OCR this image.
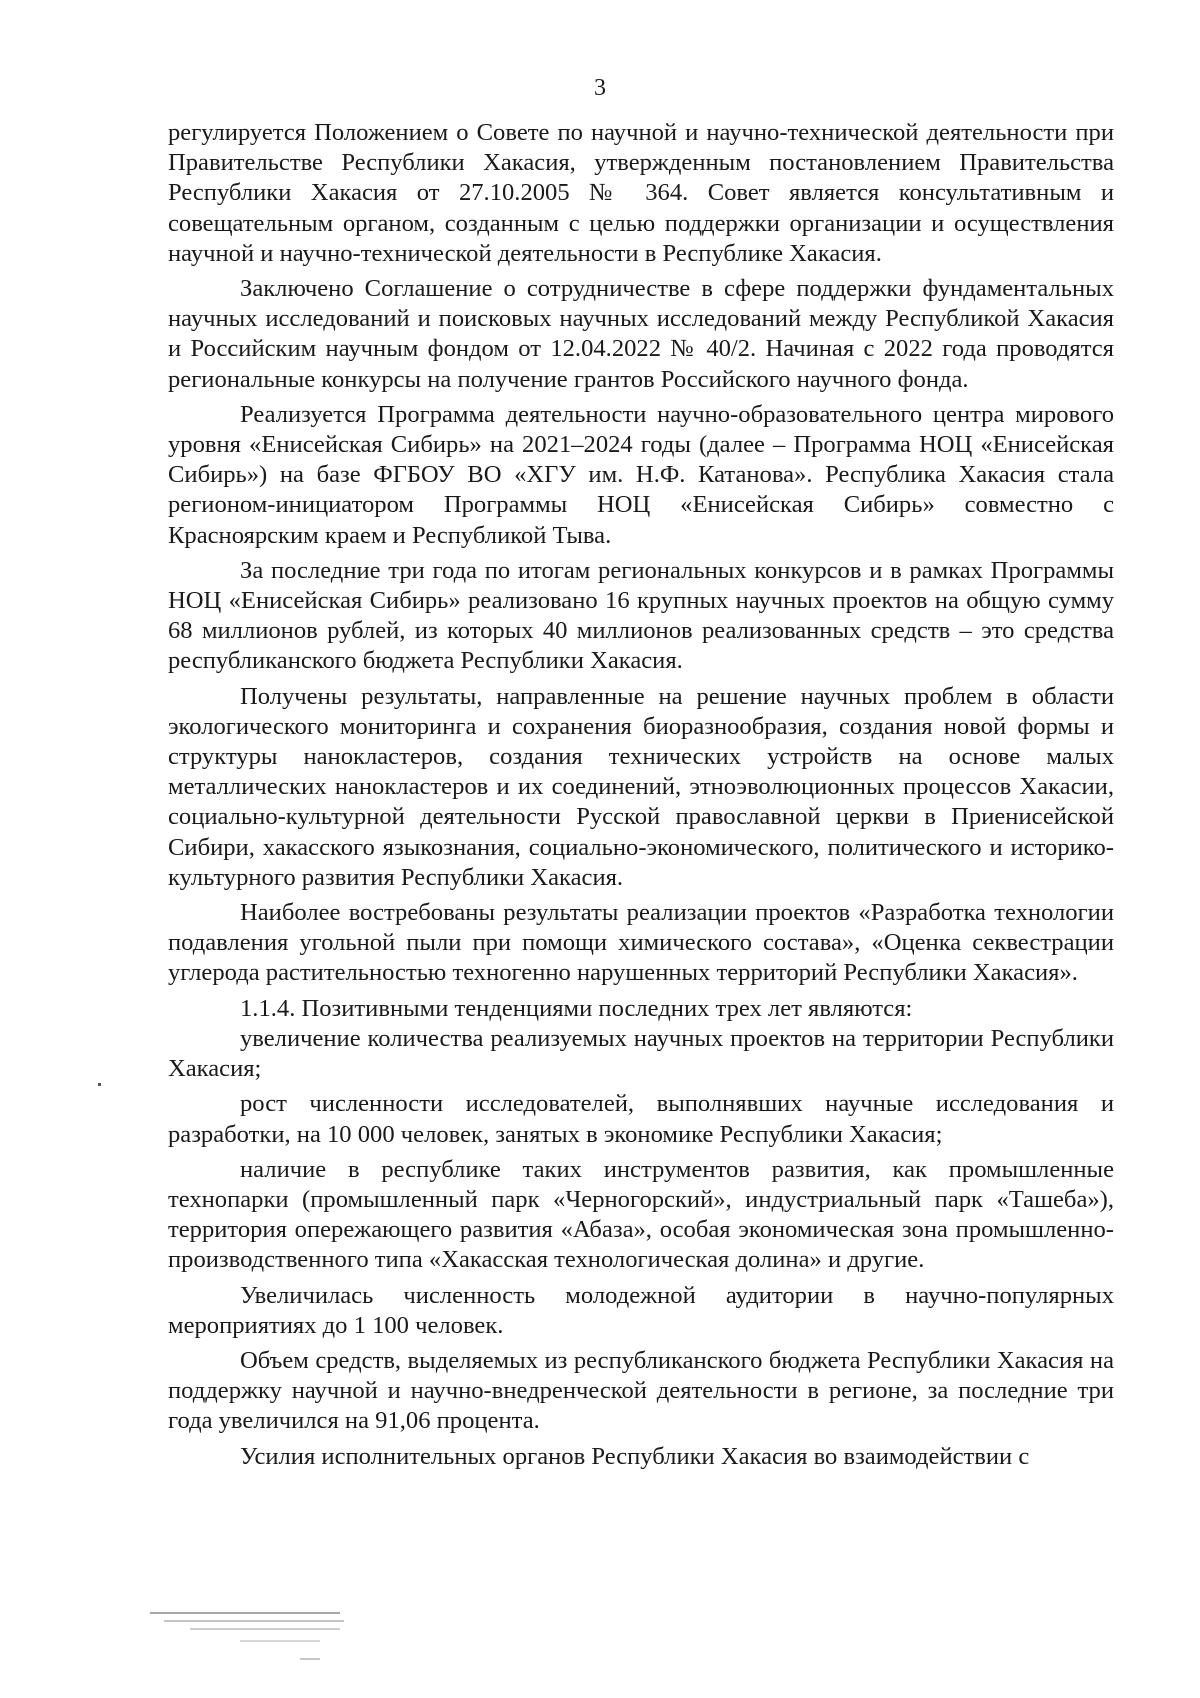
3

регулируется Положением о Совете по научной и научно-технической деятельности при Правительстве Республики Хакасия, утвержденным постановлением Правительства Республики Хакасия от 27.10.2005 № 364. Совет является консультативным и совещательным органом, созданным с целью поддержки организации и осуществления научной и научно-технической деятельности в Республике Хакасия.

Заключено Соглашение о сотрудничестве в сфере поддержки фундаментальных научных исследований и поисковых научных исследований между Республикой Хакасия и Российским научным фондом от 12.04.2022 № 40/2. Начиная с 2022 года проводятся региональные конкурсы на получение грантов Российского научного фонда.

Реализуется Программа деятельности научно-образовательного центра мирового уровня «Енисейская Сибирь» на 2021–2024 годы (далее – Программа НОЦ «Енисейская Сибирь») на базе ФГБОУ ВО «ХГУ им. Н.Ф. Катанова». Республика Хакасия стала регионом-инициатором Программы НОЦ «Енисейская Сибирь» совместно с Красноярским краем и Республикой Тыва.

За последние три года по итогам региональных конкурсов и в рамках Программы НОЦ «Енисейская Сибирь» реализовано 16 крупных научных проектов на общую сумму 68 миллионов рублей, из которых 40 миллионов реализованных средств – это средства республиканского бюджета Республики Хакасия.

Получены результаты, направленные на решение научных проблем в области экологического мониторинга и сохранения биоразнообразия, создания новой формы и структуры нанокластеров, создания технических устройств на основе малых металлических нанокластеров и их соединений, этноэволюционных процессов Хакасии, социально-культурной деятельности Русской православной церкви в Приенисейской Сибири, хакасского языкознания, социально-экономического, политического и историко-культурного развития Республики Хакасия.

Наиболее востребованы результаты реализации проектов «Разработка технологии подавления угольной пыли при помощи химического состава», «Оценка секвестрации углерода растительностью техногенно нарушенных территорий Республики Хакасия».

1.1.4. Позитивными тенденциями последних трех лет являются:

увеличение количества реализуемых научных проектов на территории Республики Хакасия;

рост численности исследователей, выполнявших научные исследования и разработки, на 10 000 человек, занятых в экономике Республики Хакасия;

наличие в республике таких инструментов развития, как промышленные технопарки (промышленный парк «Черногорский», индустриальный парк «Ташеба»), территория опережающего развития «Абаза», особая экономическая зона промышленно-производственного типа «Хакасская технологическая долина» и другие.

Увеличилась численность молодежной аудитории в научно-популярных мероприятиях до 1 100 человек.

Объем средств, выделяемых из республиканского бюджета Республики Хакасия на поддержку научной и научно-внедренческой деятельности в регионе, за последние три года увеличился на 91,06 процента.

Усилия исполнительных органов Республики Хакасия во взаимодействии с
